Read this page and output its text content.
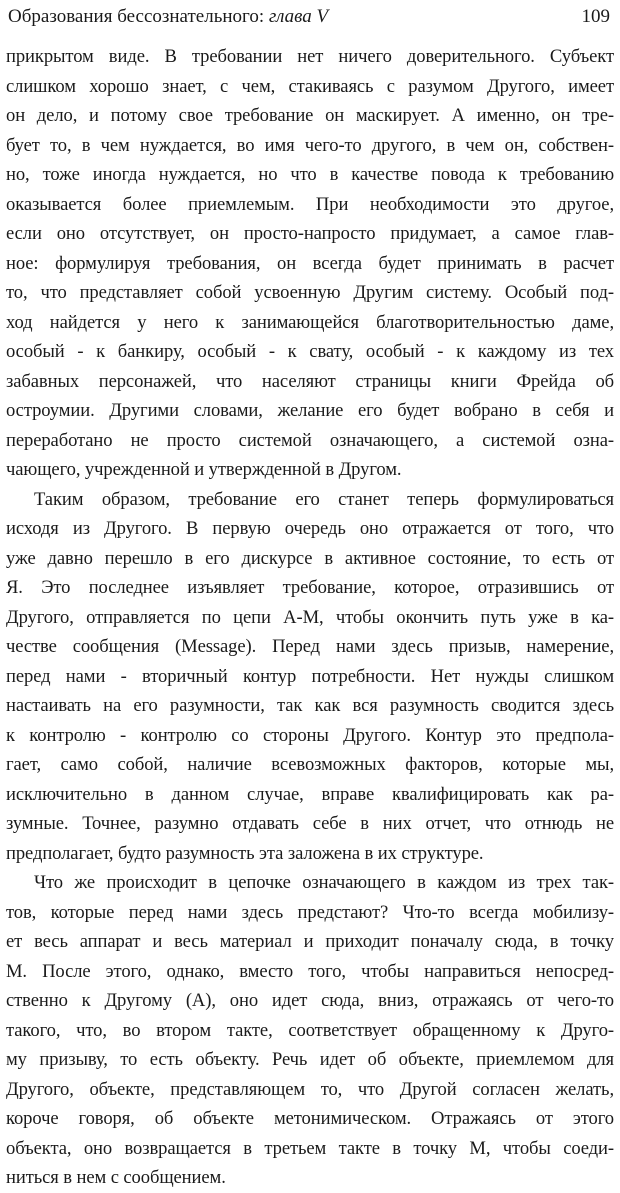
Образования бессознательного: глава V	109
прикрытом виде. В требовании нет ничего доверительного. Субъект
слишком хорошо знает, с чем, стакиваясь с разумом Другого, имеет
он дело, и потому свое требование он маскирует. А именно, он тре-
бует то, в чем нуждается, во имя чего-то другого, в чем он, собствен-
но, тоже иногда нуждается, но что в качестве повода к требованию
оказывается более приемлемым. При необходимости это другое,
если оно отсутствует, он просто-напросто придумает, а самое глав-
ное: формулируя требования, он всегда будет принимать в расчет
то, что представляет собой усвоенную Другим систему. Особый под-
ход найдется у него к занимающейся благотворительностью даме,
особый - к банкиру, особый - к свату, особый - к каждому из тех
забавных персонажей, что населяют страницы книги Фрейда об
остроумии. Другими словами, желание его будет вобрано в себя и
переработано не просто системой означающего, а системой озна-
чающего, учрежденной и утвержденной в Другом.
Таким образом, требование его станет теперь формулироваться
исходя из Другого. В первую очередь оно отражается от того, что
уже давно перешло в его дискурсе в активное состояние, то есть от
Я. Это последнее изъявляет требование, которое, отразившись от
Другого, отправляется по цепи А-М, чтобы окончить путь уже в ка-
честве сообщения (Message). Перед нами здесь призыв, намерение,
перед нами - вторичный контур потребности. Нет нужды слишком
настаивать на его разумности, так как вся разумность сводится здесь
к контролю - контролю со стороны Другого. Контур это предпола-
гает, само собой, наличие всевозможных факторов, которые мы,
исключительно в данном случае, вправе квалифицировать как ра-
зумные. Точнее, разумно отдавать себе в них отчет, что отнюдь не
предполагает, будто разумность эта заложена в их структуре.
Что же происходит в цепочке означающего в каждом из трех так-
тов, которые перед нами здесь предстают? Что-то всегда мобилизу-
ет весь аппарат и весь материал и приходит поначалу сюда, в точку
М. После этого, однако, вместо того, чтобы направиться непосред-
ственно к Другому (А), оно идет сюда, вниз, отражаясь от чего-то
такого, что, во втором такте, соответствует обращенному к Друго-
му призыву, то есть объекту. Речь идет об объекте, приемлемом для
Другого, объекте, представляющем то, что Другой согласен желать,
короче говоря, об объекте метонимическом. Отражаясь от этого
объекта, оно возвращается в третьем такте в точку М, чтобы соеди-
ниться в нем с сообщением.
